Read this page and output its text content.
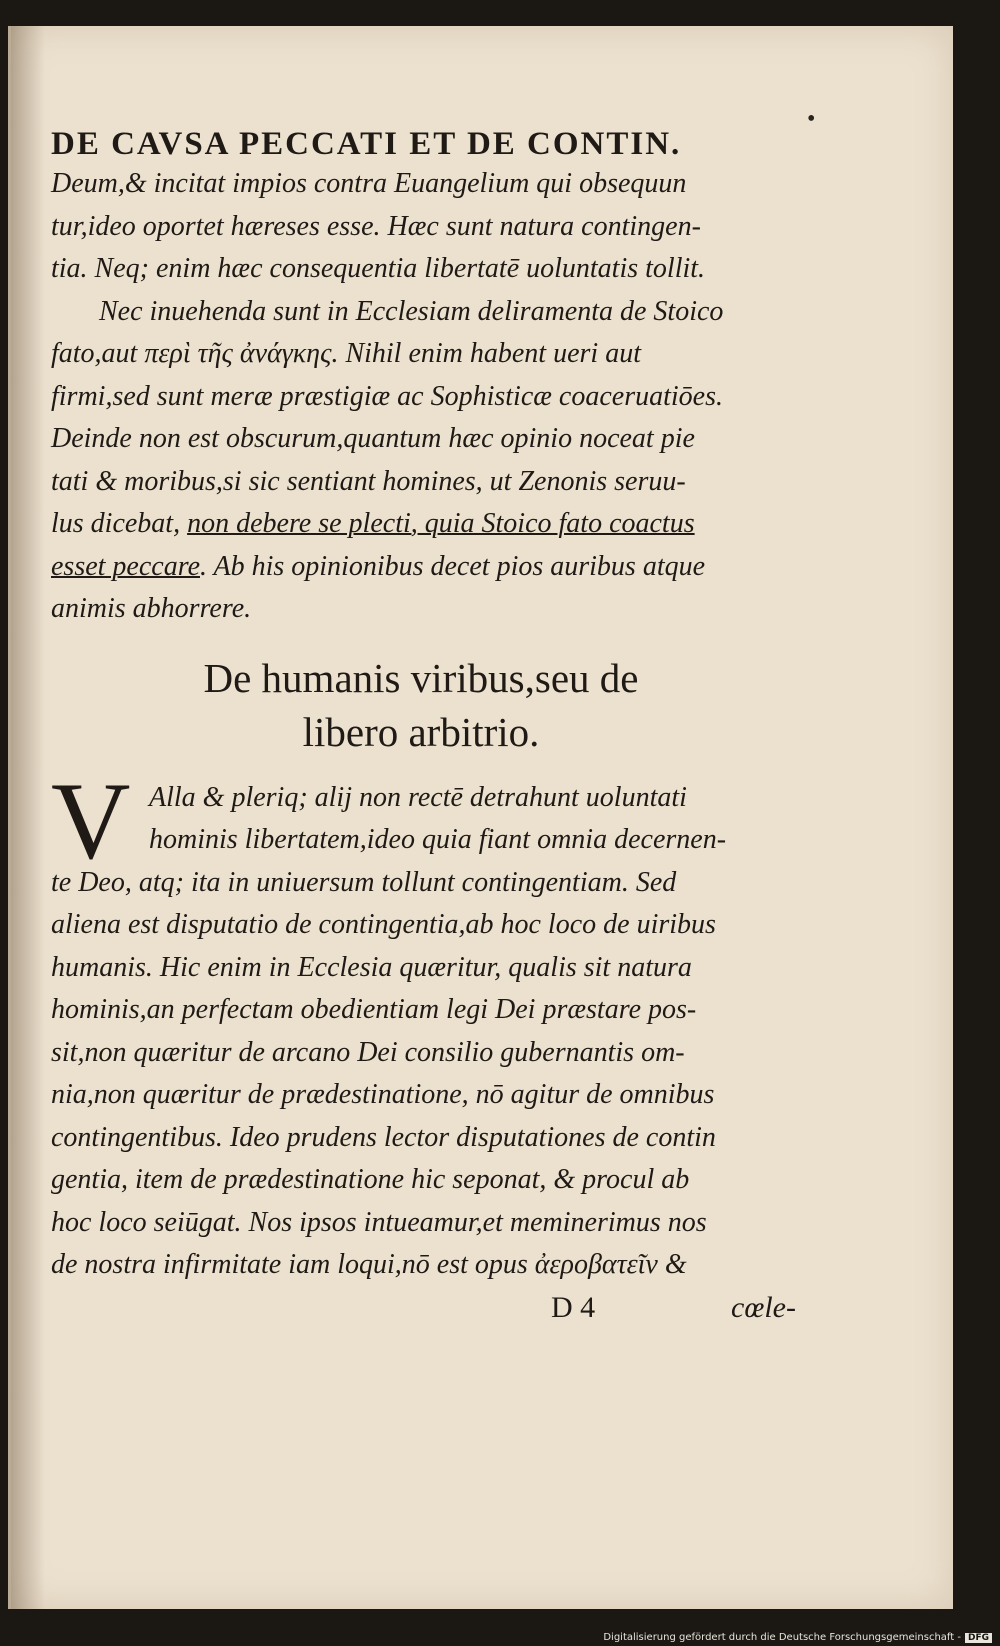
•

DE CAVSA PECCATI ET DE CONTIN.

Deum,& incitat impios contra Euangelium qui obsequun

tur,ideo oportet hæreses esse. Hæc sunt natura contingen-

tia. Neq; enim hæc consequentia libertatē uoluntatis tollit.

Nec inuehenda sunt in Ecclesiam deliramenta de Stoico

fato,aut περὶ τῆς ἀνάγκης. Nihil enim habent ueri aut

firmi,sed sunt meræ præstigiæ ac Sophisticæ coaceruatiōes.

Deinde non est obscurum,quantum hæc opinio noceat pie

tati & moribus,si sic sentiant homines, ut Zenonis seruu-

lus dicebat, non debere se plecti, quia Stoico fato coactus

esset peccare. Ab his opinionibus decet pios auribus atque

animis abhorrere.

De humanis viribus,seu de

libero arbitrio.

V Alla & pleriq; alij non rectē detrahunt uoluntati

hominis libertatem,ideo quia fiant omnia decernen-

te Deo, atq; ita in uniuersum tollunt contingentiam. Sed

aliena est disputatio de contingentia,ab hoc loco de uiribus

humanis. Hic enim in Ecclesia quæritur, qualis sit natura

hominis,an perfectam obedientiam legi Dei præstare pos-

sit,non quæritur de arcano Dei consilio gubernantis om-

nia,non quæritur de prædestinatione, nō agitur de omnibus

contingentibus. Ideo prudens lector disputationes de contin

gentia, item de prædestinatione hic seponat, & procul ab

hoc loco seiūgat. Nos ipsos intueamur,et meminerimus nos

de nostra infirmitate iam loqui,nō est opus ἀεροβατεῖν &

D 4	cœle-
Digitalisierung gefördert durch die Deutsche Forschungsgemeinschaft - DFG
